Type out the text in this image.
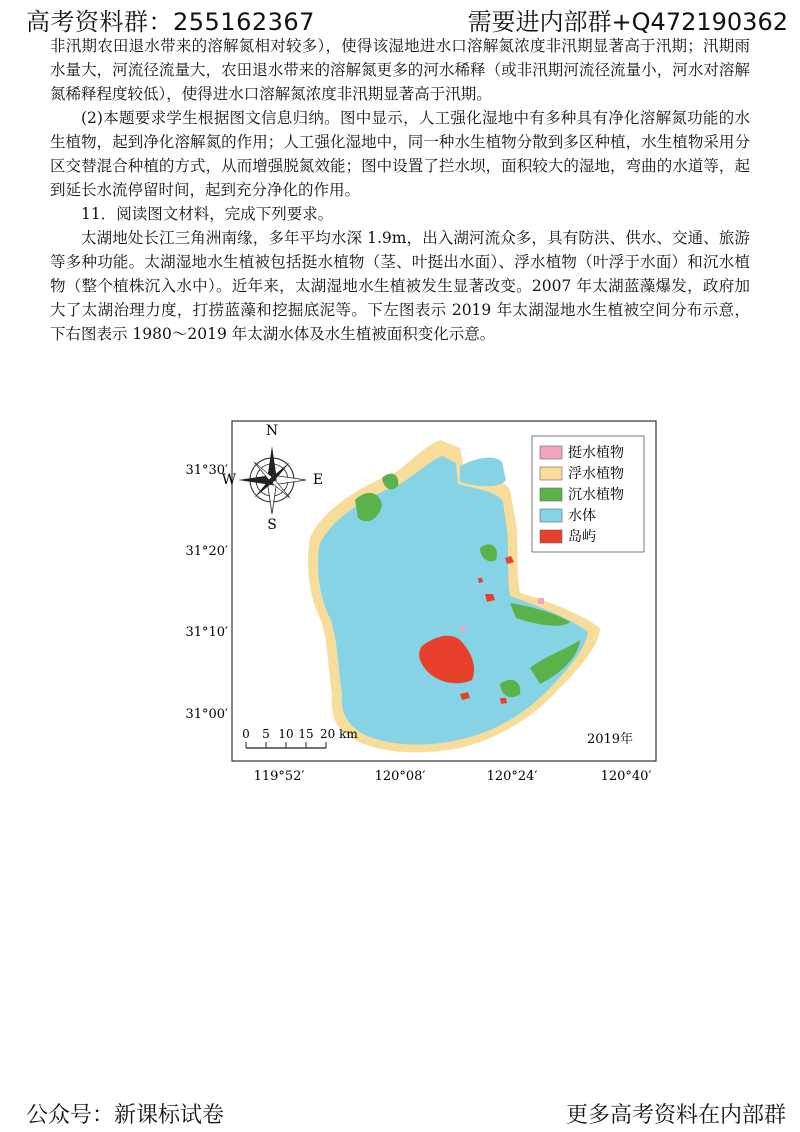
高考资料群：255162367	需要进内部群+Q472190362

非汛期农田退水带来的溶解氮相对较多），使得该湿地进水口溶解氮浓度非汛期显著高于汛期；汛期雨水量大，河流径流量大，农田退水带来的溶解氮更多的河水稀释（或非汛期河流径流量小，河水对溶解氮稀释程度较低），使得进水口溶解氮浓度非汛期显著高于汛期。

(2)本题要求学生根据图文信息归纳。图中显示，人工强化湿地中有多种具有净化溶解氮功能的水生植物，起到净化溶解氮的作用；人工强化湿地中，同一种水生植物分散到多区种植，水生植物采用分区交替混合种植的方式，从而增强脱氮效能；图中设置了拦水坝，面积较大的湿地，弯曲的水道等，起到延长水流停留时间，起到充分净化的作用。

11．阅读图文材料，完成下列要求。

太湖地处长江三角洲南缘，多年平均水深 1.9m，出入湖河流众多，具有防洪、供水、交通、旅游等多种功能。太湖湿地水生植被包括挺水植物（茎、叶挺出水面）、浮水植物（叶浮于水面）和沉水植物（整个植株沉入水中）。近年来，太湖湿地水生植被发生显著改变。2007 年太湖蓝藻爆发，政府加大了太湖治理力度，打捞蓝藻和挖掘底泥等。下左图表示 2019 年太湖湿地水生植被空间分布示意，下右图表示 1980～2019 年太湖水体及水生植被面积变化示意。

N
S
E
W
挺水植物
浮水植物
沉水植物
水体
岛屿
31°30′
31°20′
31°10′
31°00′
119°52′	120°08′	120°24′	120°40′
0 5 10 15 20 km	2019年
公众号：新课标试卷	更多高考资料在内部群
